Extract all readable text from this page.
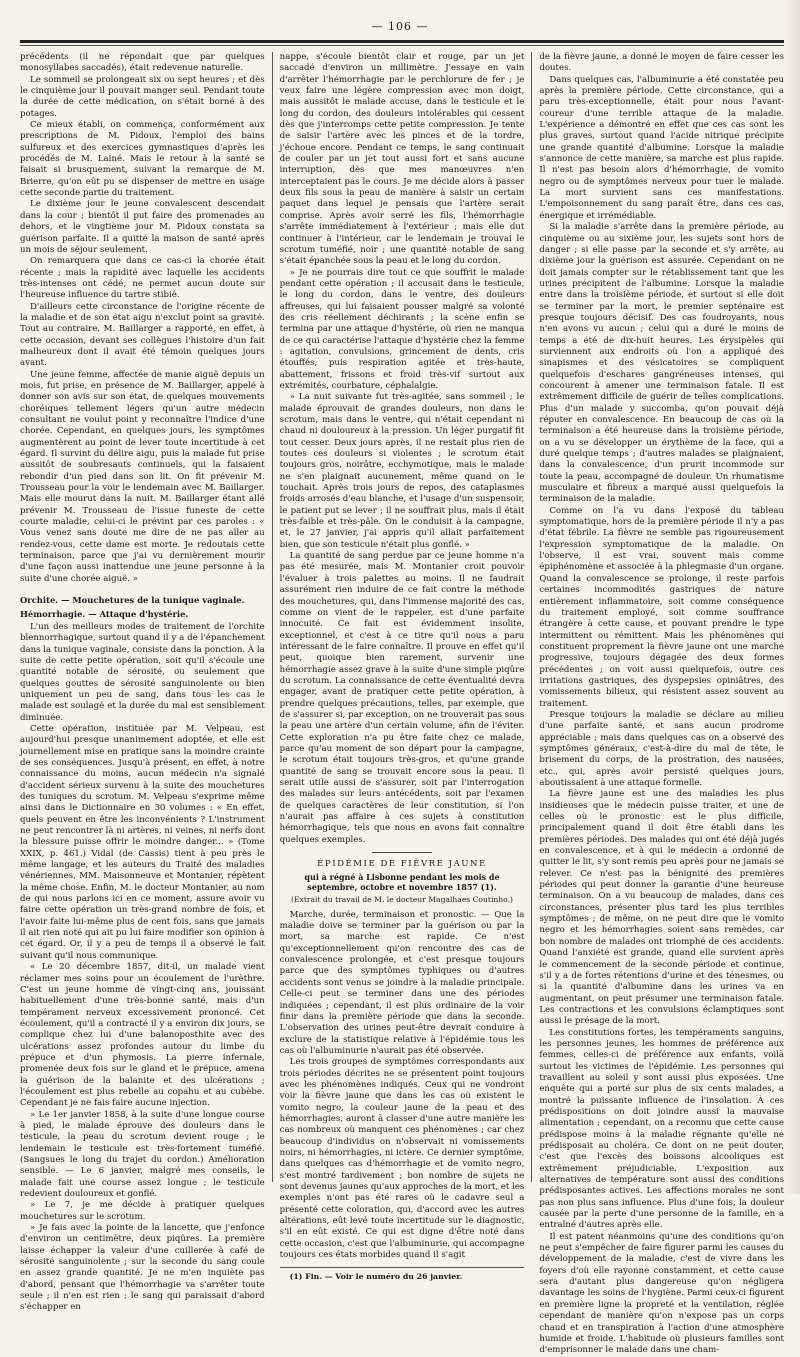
— 106 —

précédents (il ne répondait que par quelques monosyllabes saccadés), était redevenue naturelle.

Le sommeil se prolongeait six ou sept heures ; et dès le cinquième jour il pouvait manger seul. Pendant toute la durée de cette médication, on s'était borné à des potages.

Ce mieux établi, on commença, conformément aux prescriptions de M. Pidoux, l'emploi des bains sulfureux et des exercices gymnastiques d'après les procédés de M. Lainé. Mais le retour à la santé se faisait si brusquement, suivant la remarque de M. Brierre, qu'on eût pu se dispenser de mettre en usage cette seconde partie du traitement.

Le dixième jour le jeune convalescent descendait dans la cour ; bientôt il put faire des promenades au dehors, et le vingtième jour M. Pidoux constata sa guérison parfaite. Il a quitté la maison de santé après un mois de séjour seulement.

On remarquera que dans ce cas-ci la chorée était récente ; mais la rapidité avec laquelle les accidents très-intenses ont cédé, ne permet aucun doute sur l'heureuse influence du tartre stibié.

D'ailleurs cette circonstance de l'origine récente de la maladie et de son état aigu n'exclut point sa gravité. Tout au contraire, M. Baillarger a rapporté, en effet, à cette occasion, devant ses collègues l'histoire d'un fait malheureux dont il avait été témoin quelques jours avant.

Une jeune femme, affectée de manie aiguë depuis un mois, fut prise, en présence de M. Baillarger, appelé à donner son avis sur son état, de quelques mouvements choréiques tellement légers qu'un autre médecin consultant ne voulut point y reconnaître l'indice d'une chorée. Cependant, en quelques jours, les symptômes augmentèrent au point de lever toute incertitude à cet égard. Il survint du délire aigu, puis la malade fut prise aussitôt de soubresauts continuels, qui la faisaient rebondir d'un pied dans son lit. On fit prévenir M. Trousseau pour la voir le lendemain avec M. Baillarger. Mais elle mourut dans la nuit. M. Baillarger étant allé prévenir M. Trousseau de l'issue funeste de cette courte maladie, celui-ci le prévint par ces paroles : « Vous venez sans doute me dire de ne pas aller au rendez-vous, cette dame est morte. Je redoutais cette terminaison, parce que j'ai vu dernièrement mourir d'une façon aussi inattendue une jeune personne à la suite d'une chorée aiguë. »

Orchite. — Mouchetures de la tunique vaginale.
Hémorrhagie. — Attaque d'hystérie.

L'un des meilleurs modes de traitement de l'orchite blennorrhagique, surtout quand il y a de l'épanchement dans la tunique vaginale, consiste dans la ponction. À la suite de cette petite opération, soit qu'il s'écoule une quantité notable de sérosité, ou seulement que quelques gouttes de sérosité sanguinolente ou bien uniquement un peu de sang, dans tous les cas le malade est soulagé et la durée du mal est sensiblement diminuée.

Cette opération, instituée par M. Velpeau, est aujourd'hui presque unanimement adoptée, et elle est journellement mise en pratique sans la moindre crainte de ses conséquences. Jusqu'à présent, en effet, à notre connaissance du moins, aucun médecin n'a signalé d'accident sérieux survenu à la suite des mouchetures des tuniques du scrotum. M. Velpeau s'exprime même ainsi dans le Dictionnaire en 30 volumes : « En effet, quels peuvent en être les inconvénients ? L'instrument ne peut rencontrer là ni artères, ni veines, ni nerfs dont la blessure puisse offrir le moindre danger... » (Tome XXIX, p. 461.) Vidal (de Cassis) tient à peu près le même langage, et les auteurs du Traité des maladies vénériennes, MM. Maisonneuve et Montanier, répètent la même chose. Enfin, M. le docteur Montanier, au nom de qui nous parlons ici en ce moment, assure avoir vu faire cette opération un très-grand nombre de fois, et l'avoir faite lui-même plus de cent fois, sans que jamais il ait rien noté qui ait pu lui faire modifier son opinion à cet égard. Or, il y a peu de temps il a observé le fait suivant qu'il nous communique.

« Le 20 décembre 1857, dit-il, un malade vient réclamer mes soins pour un écoulement de l'urèthre. C'est un jeune homme de vingt-cinq ans, jouissant habituellement d'une très-bonne santé, mais d'un tempérament nerveux excessivement prononcé. Cet écoulement, qu'il a contracté il y a environ dix jours, se complique chez lui d'une balanoposthite avec des ulcérations assez profondes autour du limbe du prépuce et d'un phymosis. La pierre infernale, promenée deux fois sur le gland et le prépuce, amena la guérison de la balanite et des ulcérations ; l'écoulement est plus rebelle au copahu et au cubèbe. Cependant je ne fais faire aucune injection.

» Le 1er janvier 1858, à la suite d'une longue course à pied, le malade éprouve des douleurs dans le testicule, la peau du scrotum devient rouge ; le lendemain le testicule est très-fortement tuméfié. (Sangsues le long du trajet du cordon.) Amélioration sensible. — Le 6 janvier, malgré mes conseils, le malade fait une course assez longue ; le testicule redevient douloureux et gonflé.

» Le 7, je me décide à pratiquer quelques mouchetures sur le scrotum.

» Je fais avec la pointe de la lancette, que j'enfonce d'environ un centimètre, deux piqûres. La première laisse échapper la valeur d'une cuillerée à café de sérosité sanguinolente ; sur la seconde du sang coule en assez grande quantité. Je ne m'en inquiète pas d'abord, pensant que l'hémorrhagie va s'arrêter toute seule ; il n'en est rien ; le sang qui paraissait d'abord s'échapper en

nappe, s'écoule bientôt clair et rouge, par un jet saccadé d'environ un millimètre. J'essaye en vain d'arrêter l'hémorrhagie par le perchlorure de fer ; je veux faire une légère compression avec mon doigt, mais aussitôt le malade accuse, dans le testicule et le long du cordon, des douleurs intolérables qui cessent dès que j'interromps cette petite compression. Je tente de saisir l'artère avec les pinces et de la tordre, j'échoue encore. Pendant ce temps, le sang continuait de couler par un jet tout aussi fort et sans aucune interruption, dès que mes manœuvres n'en interceptaient pas le cours. Je me décide alors à passer deux fils sous la peau de manière à saisir un certain paquet dans lequel je pensais que l'artère serait comprise. Après avoir serré les fils, l'hémorrhagie s'arrête immédiatement à l'extérieur ; mais elle dut continuer à l'intérieur, car le lendemain je trouvai le scrotum tuméfié, noir ; une quantité notable de sang s'était épanchée sous la peau et le long du cordon.

» Je ne pourrais dire tout ce que souffrit le malade pendant cette opération ; il accusait dans le testicule, le long du cordon, dans le ventre, des douleurs affreuses, qui lui faisaient pousser malgré sa volonté des cris réellement déchirants ; la scène enfin se termina par une attaque d'hystérie, où rien ne manqua de ce qui caractérise l'attaque d'hystérie chez la femme : agitation, convulsions, grincement de dents, cris étouffés, puis respiration agitée et très-haute, abattement, frissons et froid très-vif surtout aux extrémités, courbature, céphalalgie.

» La nuit suivante fut très-agitée, sans sommeil ; le malade éprouvait de grandes douleurs, non dans le scrotum, mais dans le ventre, qui n'était cependant ni chaud ni douloureux à la pression. Un léger purgatif fit tout cesser. Deux jours après, il ne restait plus rien de toutes ces douleurs si violentes ; le scrotum était toujours gros, noirâtre, ecchymotique, mais le malade ne s'en plaignait aucunement, même quand on le touchait. Après trois jours de repos, des cataplasmes froids arrosés d'eau blanche, et l'usage d'un suspensoir, le patient put se lever ; il ne souffrait plus, mais il était très-faible et très-pâle. On le conduisit à la campagne, et, le 27 janvier, j'ai appris qu'il allait parfaitement bien, que son testicule n'était plus gonflé. »

La quantité de sang perdue par ce jeune homme n'a pas été mesurée, mais M. Montanier croit pouvoir l'évaluer à trois palettes au moins. Il ne faudrait assurément rien induire de ce fait contre la méthode des mouchetures, qui, dans l'immense majorité des cas, comme on vient de le rappeler, est d'une parfaite innocuité. Ce fait est évidemment insolite, exceptionnel, et c'est à ce titre qu'il nous a paru intéressant de le faire connaître. Il prouve en effet qu'il peut, quoique bien rarement, survenir une hémorrhagie assez grave à la suite d'une simple piqûre du scrotum. La connaissance de cette éventualité devra engager, avant de pratiquer cette petite opération, à prendre quelques précautions, telles, par exemple, que de s'assurer si, par exception, on ne trouverait pas sous la peau une artère d'un certain volume, afin de l'éviter. Cette exploration n'a pu être faite chez ce malade, parce qu'au moment de son départ pour la campagne, le scrotum était toujours très-gros, et qu'une grande quantité de sang se trouvait encore sous la peau. Il serait utile aussi de s'assurer, soit par l'interrogation des malades sur leurs antécédents, soit par l'examen de quelques caractères de leur constitution, si l'on n'aurait pas affaire à ces sujets à constitution hémorrhagique, tels que nous en avons fait connaître quelques exemples.

ÉPIDÉMIE DE FIÈVRE JAUNE
qui a régné à Lisbonne pendant les mois de septembre, octobre et novembre 1857 (1).
(Extrait du travail de M. le docteur Magalhaes Coutinho.)

Marche, durée, terminaison et pronostic. — Que la maladie doive se terminer par la guérison ou par la mort, sa marche est rapide. Ce n'est qu'exceptionnellement qu'on rencontre des cas de convalescence prolongée, et c'est presque toujours parce que des symptômes typhiques ou d'autres accidents sont venus se joindre à la maladie principale. Celle-ci peut se terminer dans une des périodes indiquées ; cependant, il est plus ordinaire de la voir finir dans la première période que dans la seconde. L'observation des urines peut-être devrait conduire à exclure de la statistique relative à l'épidémie tous les cas où l'albuminurie n'aurait pas été observée.

Les trois groupes de symptômes correspondants aux trois périodes décrites ne se présentent point toujours avec les phénomènes indiqués. Ceux qui ne vondront voir la fièvre jaune que dans les cas où existent le vomito negro, la couleur jaune de la peau et des hémorrhagies, auront à classer d'une autre manière les cas nombreux où manquent ces phénomènes ; car chez beaucoup d'individus on n'observait ni vomissements noirs, ni hémorrhagies, ni ictère. Ce dernier symptôme, dans quelques cas d'hémorrhagie et de vomito negro, s'est montré tardivement ; bon nombre de sujets ne sont devenus jaunes qu'aux approches de la mort, et les exemples n'ont pas été rares où le cadavre seul a présenté cette coloration, qui, d'accord avec les autres altérations, eût levé toute incertitude sur le diagnostic, s'il en eût existé. Ce qui est digne d'être noté dans cette occasion, c'est que l'albuminurie, qui accompagne toujours ces états morbides quand il s'agit

(1) Fin. — Voir le numéro du 26 janvier.

de la fièvre jaune, a donné le moyen de faire cesser les doutes.

Dans quelques cas, l'albuminurie a été constatée peu après la première période. Cette circonstance, qui a paru très-exceptionnelle, était pour nous l'avant-coureur d'une terrible attaque de la maladie. L'expérience a démontré en effet que ces cas sont les plus graves, surtout quand l'acide nitrique précipite une grande quantité d'albumine. Lorsque la maladie s'annonce de cette manière, sa marche est plus rapide. Il n'est pas besoin alors d'hémorrhagie, de vomito negro ou de symptômes nerveux pour tuer le malade. La mort survient sans ces manifestations. L'empoisonnement du sang paraît être, dans ces cas, énergique et irrémédiable.

Si la maladie s'arrête dans la première période, au cinquième ou au sixième jour, les sujets sont hors de danger ; si elle passe par la seconde et s'y arrête, au dixième jour la guérison est assurée. Cependant on ne doit jamais compter sur le rétablissement tant que les urines précipitent de l'albumine. Lorsque la maladie entre dans la troisième période, et surtout si elle doit se terminer par la mort, le premier septénaire est presque toujours décisif. Des cas foudroyants, nous n'en avons vu aucun ; celui qui a duré le moins de temps a été de dix-huit heures. Les érysipèles qui surviennent aux endroits où l'on a appliqué des sinapismes et des vésicatoires se compliquent quelquefois d'eschares gangréneuses intenses, qui concourent à amener une terminaison fatale. Il est extrêmement difficile de guérir de telles complications. Plus d'un malade y succomba, qu'on pouvait déjà réputer en convalescence. En beaucoup de cas où la terminaison a été heureuse dans la troisième période, on a vu se développer un érythème de la face, qui a duré quelque temps ; d'autres malades se plaignaient, dans la convalescence, d'un prurit incommode sur toute la peau, accompagné de douleur. Un rhumatisme musculaire et fibreux a marqué aussi quelquefois la terminaison de la maladie.

Comme on l'a vu dans l'exposé du tableau symptomatique, hors de la première période il n'y a pas d'état fébrile. La fièvre ne semble pas rigoureusement l'expression symptomatique de la maladie. On l'observe, il est vrai, souvent mais comme épiphénomène et associée à la phlegmasie d'un organe. Quand la convalescence se prolonge, il reste parfois certaines incommodités gastriques de nature entièrement inflammatoire, soit comme conséquence du traitement employé, soit comme souffrance étrangère à cette cause, et pouvant prendre le type intermittent ou rémittent. Mais les phénomènes qui constituent proprement la fièvre jaune ont une marche progressive, toujours dégagée des deux formes précédentes ; on voit aussi quelquefois, outre ces irritations gastriques, des dyspepsies opiniâtres, des vomissements bilieux, qui résistent assez souvent au traitement.

Presque toujours la maladie se déclare au milieu d'une parfaite santé, et sans aucun prodrome appréciable ; mais dans quelques cas on a observé des symptômes généraux, c'est-à-dire du mal de tête, le brisement du corps, de la prostration, des nausées, etc., qui, après avoir persisté quelques jours, aboutissaient à une attaque formelle.

La fièvre jaune est une des maladies les plus insidieuses que le médecin puisse traiter, et une de celles où le pronostic est le plus difficile, principalement quand il doit être établi dans les premières périodes. Des malades qui ont été déjà jugés en convalescence, et à qui le médecin a ordonné de quitter le lit, s'y sont remis peu après pour ne jamais se relever. Ce n'est pas la bénignité des premières périodes qui peut donner la garantie d'une heureuse terminaison. On a vu beaucoup de malades, dans ces circonstances, présenter plus tard les plus terribles symptômes ; de même, on ne peut dire que le vomito negro et les hémorrhagies soient sans remèdes, car bon nombre de malades ont triomphé de ces accidents. Quand l'anxiété est grande, quand elle survient après le commencement de la seconde période et continue, s'il y a de fortes rétentions d'urine et des ténesmes, ou si la quantité d'albumine dans les urines va en augmentant, on peut présumer une terminaison fatale. Les contractions et les convulsions éclamptiques sont aussi le présage de la mort.

Les constitutions fortes, les tempéraments sanguins, les personnes jeunes, les hommes de préférence aux femmes, celles-ci de préférence aux enfants, voilà surtout les victimes de l'épidémie. Les personnes qui travaillent au soleil y sont aussi plus exposées. Une enquête qui a porté sur plus de six cents malades, a montré la puissante influence de l'insolation. À ces prédispositions on doit joindre aussi la mauvaise alimentation ; cependant, on a reconnu que cette cause prédispose moins à la maladie régnante qu'elle ne prédisposait au choléra. Ce dont on ne peut douter, c'est que l'excès des boissons alcooliques est extrêmement préjudiciable. L'exposition aux alternatives de température sont aussi des conditions prédisposantes actives. Les affections morales ne sont pas non plus sans influence. Plus d'une fois, la douleur causée par la perte d'une personne de la famille, en a entraîné d'autres après elle.

Il est patent néanmoins qu'une des conditions qu'on ne peut s'empêcher de faire figurer parmi les causes du développement de la maladie, c'est de vivre dans les foyers d'où elle rayonne constamment, et cette cause sera d'autant plus dangereuse qu'on négligera davantage les soins de l'hygiène. Parmi ceux-ci figurent en première ligne la propreté et la ventilation, réglée cependant de manière qu'on n'expose pas un corps chaud et en transpiration à l'action d'une atmosphère humide et froide. L'habitude où plusieurs familles sont d'emprisonner le malade dans une cham-
